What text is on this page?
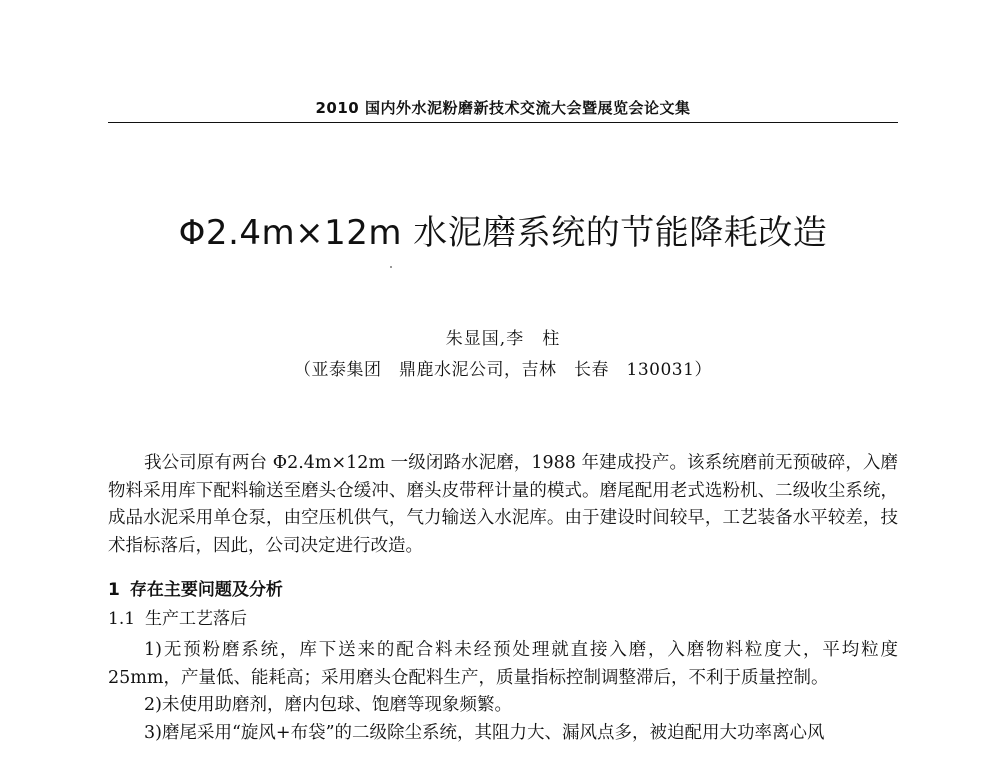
2010 国内外水泥粉磨新技术交流大会暨展览会论文集
Φ2.4m×12m 水泥磨系统的节能降耗改造
朱显国,李　柱
（亚泰集团　鼎鹿水泥公司，吉林　长春　130031）
我公司原有两台 Φ2.4m×12m 一级闭路水泥磨，1988 年建成投产。该系统磨前无预破碎，入磨物料采用库下配料输送至磨头仓缓冲、磨头皮带秤计量的模式。磨尾配用老式选粉机、二级收尘系统，成品水泥采用单仓泵，由空压机供气，气力输送入水泥库。由于建设时间较早，工艺装备水平较差，技术指标落后，因此，公司决定进行改造。
1 存在主要问题及分析
1.1 生产工艺落后
1)无预粉磨系统，库下送来的配合料未经预处理就直接入磨，入磨物料粒度大，平均粒度25mm，产量低、能耗高；采用磨头仓配料生产，质量指标控制调整滞后，不利于质量控制。
2)未使用助磨剂，磨内包球、饱磨等现象频繁。
3)磨尾采用“旋风+布袋”的二级除尘系统，其阻力大、漏风点多，被迫配用大功率离心风
